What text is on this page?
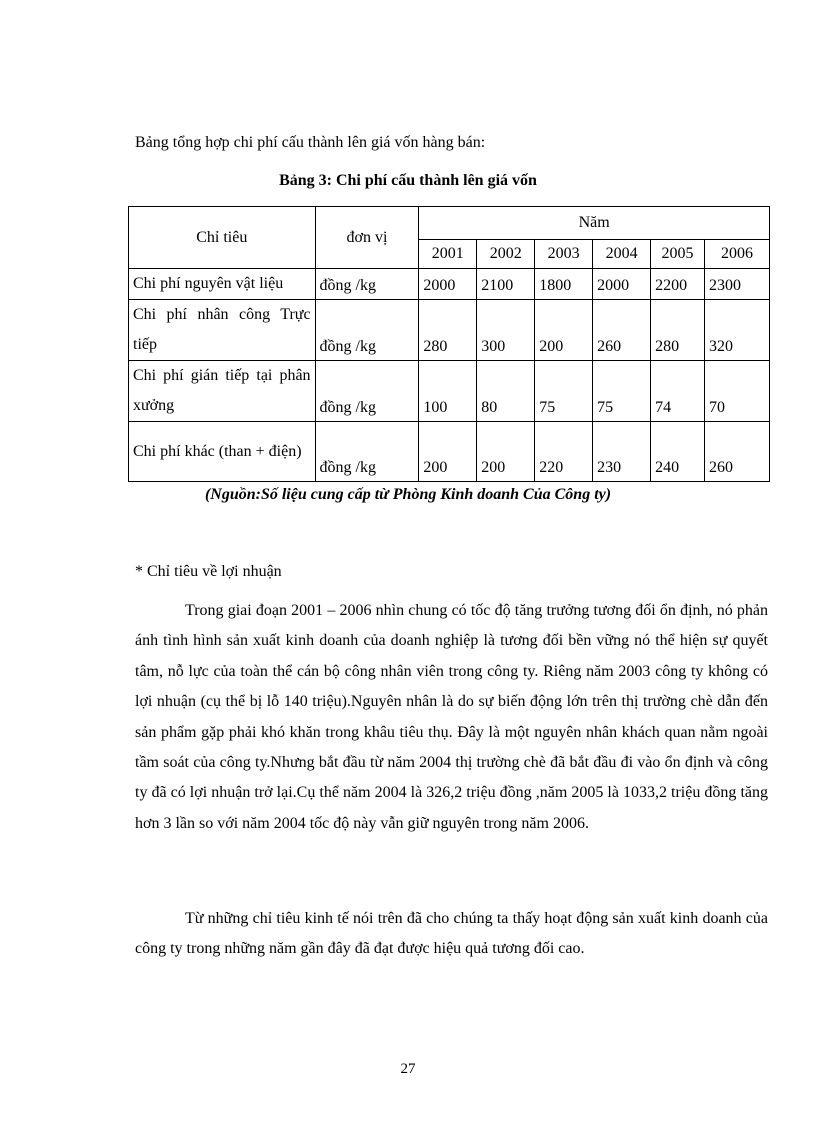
Bảng tổng hợp chi phí cấu thành lên giá vốn hàng bán:
Bảng 3: Chi phí cấu thành lên giá vốn
Chỉ tiêu	đơn vị	Năm					
		2001	2002	2003	2004	2005	2006
Chi phí nguyên vật liệu	đồng /kg	2000	2100	1800	2000	2200	2300
Chi phí nhân công Trực tiếp	đồng /kg	280	300	200	260	280	320
Chi phí gián tiếp tại phân xưởng	đồng /kg	100	80	75	75	74	70
Chi phí khác (than + điện)	đồng /kg	200	200	220	230	240	260
(Nguồn:Số liệu cung cấp từ Phòng Kinh doanh Của Công ty)
* Chỉ tiêu về lợi nhuận

Trong giai đoạn 2001 – 2006 nhìn chung có tốc độ tăng trưởng tương đối ổn định, nó phản ánh tình hình sản xuất kinh doanh của doanh nghiệp là tương đối bền vững nó thể hiện sự quyết tâm, nỗ lực của toàn thể cán bộ công nhân viên trong công ty. Riêng năm 2003 công ty không có lợi nhuận (cụ thể bị lỗ 140 triệu).Nguyên nhân là do sự biến động lớn trên thị trường chè dẫn đến sản phẩm gặp phải khó khăn trong khâu tiêu thụ. Đây là một nguyên nhân khách quan nằm ngoài tầm soát của công ty.Nhưng bắt đầu từ năm 2004 thị trường chè đã bắt đầu đi vào ổn định và công ty đã có lợi nhuận trở lại.Cụ thể năm 2004 là 326,2 triệu đồng ,năm 2005 là 1033,2 triệu đồng tăng hơn 3 lần so với năm 2004 tốc độ này vẫn giữ nguyên trong năm 2006.

Từ những chỉ tiêu kinh tế nói trên đã cho chúng ta thấy hoạt động sản xuất kinh doanh của công ty trong những năm gần đây đã đạt được hiệu quả tương đối cao.

27
